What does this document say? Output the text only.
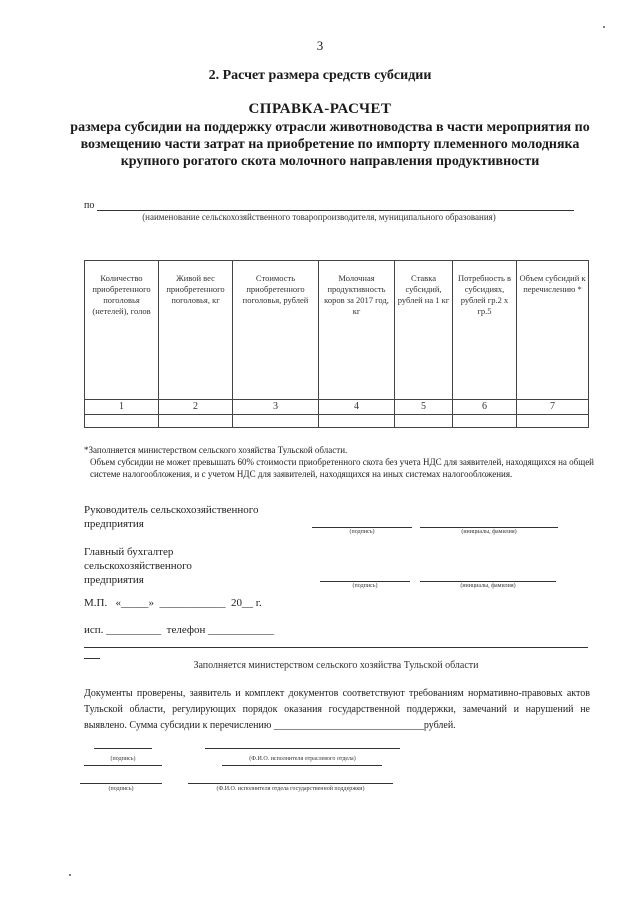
3
2. Расчет размера средств субсидии
СПРАВКА-РАСЧЕТ
размера субсидии на поддержку отрасли животноводства в части мероприятия по возмещению части затрат на приобретение по импорту племенного молодняка крупного рогатого скота молочного направления продуктивности
по
(наименование сельскохозяйственного товаропроизводителя, муниципального образования)
Количество приобретенного поголовья (нетелей), голов	Живой вес приобретенного поголовья, кг	Стоимость приобретенного поголовья, рублей	Молочная продуктивность коров за 2017 год, кг	Ставка субсидий, рублей на 1 кг	Потребность в субсидиях, рублей гр.2 х гр.5	Объем субсидий к перечислению *
1	2	3	4	5	6	7

*Заполняется министерством сельского хозяйства Тульской области.

Объем субсидии не может превышать 60% стоимости приобретенного скота без учета НДС для заявителей, находящихся на общей системе налогообложения, и с учетом НДС для заявителей, находящихся на иных системах налогообложения.

Руководитель сельскохозяйственного предприятия
(подпись)	(инициалы, фамилия)
Главный бухгалтер сельскохозяйственного предприятия	(подпись)	(инициалы, фамилия)
М.П.   «_____»  ____________  20__ г.
исп. __________  телефон ____________
Заполняется министерством сельского хозяйства Тульской области
Документы проверены, заявитель и комплект документов соответствуют требованиям нормативно-правовых актов Тульской области, регулирующих порядок оказания государственной поддержки, замечаний и нарушений не выявлено. Сумма субсидии к перечислению ______________________________рублей.
(подпись)	(Ф.И.О. исполнителя отраслевого отдела)
(подпись)	(Ф.И.О. исполнителя отдела государственной поддержки)
